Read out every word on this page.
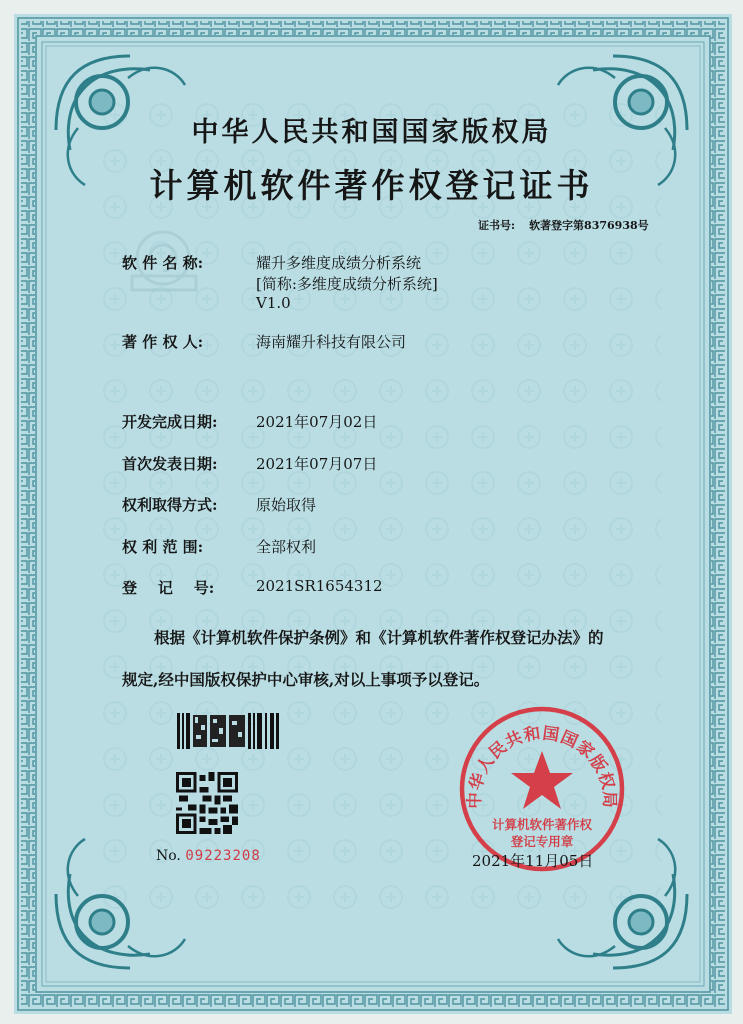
中华人民共和国国家版权局
计算机软件著作权登记证书
证书号: 软著登字第8376938号
软 件 名 称:	耀升多维度成绩分析系统
[简称:多维度成绩分析系统]
V1.0
著 作 权 人:	海南耀升科技有限公司
开发完成日期:	2021年07月02日
首次发表日期:	2021年07月07日
权利取得方式:	原始取得
权 利 范 围:	全部权利
登    记    号:	2021SR1654312
根据《计算机软件保护条例》和《计算机软件著作权登记办法》的
规定,经中国版权保护中心审核,对以上事项予以登记。
No. 09223208
中华人民共和国国家版权局
计算机软件著作权
登记专用章
2021年11月05日
